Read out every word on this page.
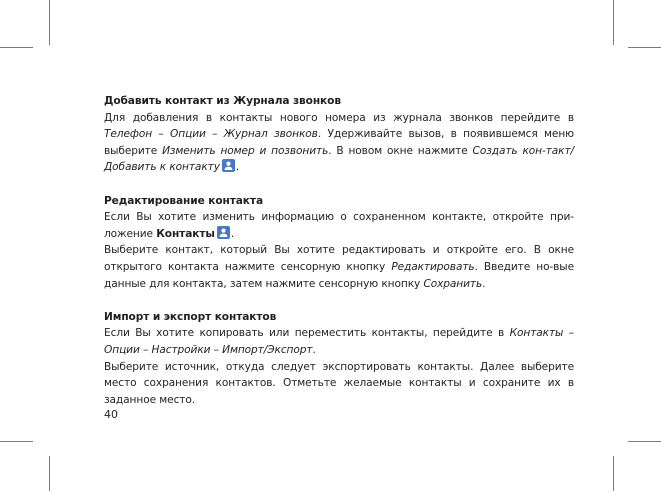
Добавить контакт из Журнала звонков

Для добавления в контакты нового номера из журнала звонков перейдите в Телефон – Опции – Журнал звонков. Удерживайте вызов, в появившемся меню выберите Изменить номер и позвонить. В новом окне нажмите Создать кон-такт/Добавить к контакту .

Редактирование контакта

Если Вы хотите изменить информацию о сохраненном контакте, откройте при-ложение Контакты .

Выберите контакт, который Вы хотите редактировать и откройте его. В окне открытого контакта нажмите сенсорную кнопку Редактировать. Введите но-вые данные для контакта, затем нажмите сенсорную кнопку Сохранить.

Импорт и экспорт контактов

Если Вы хотите копировать или переместить контакты, перейдите в Контакты – Опции – Настройки – Импорт/Экспорт.

Выберите источник, откуда следует экспортировать контакты. Далее выберите место сохранения контактов. Отметьте желаемые контакты и сохраните их в заданное место.

40
